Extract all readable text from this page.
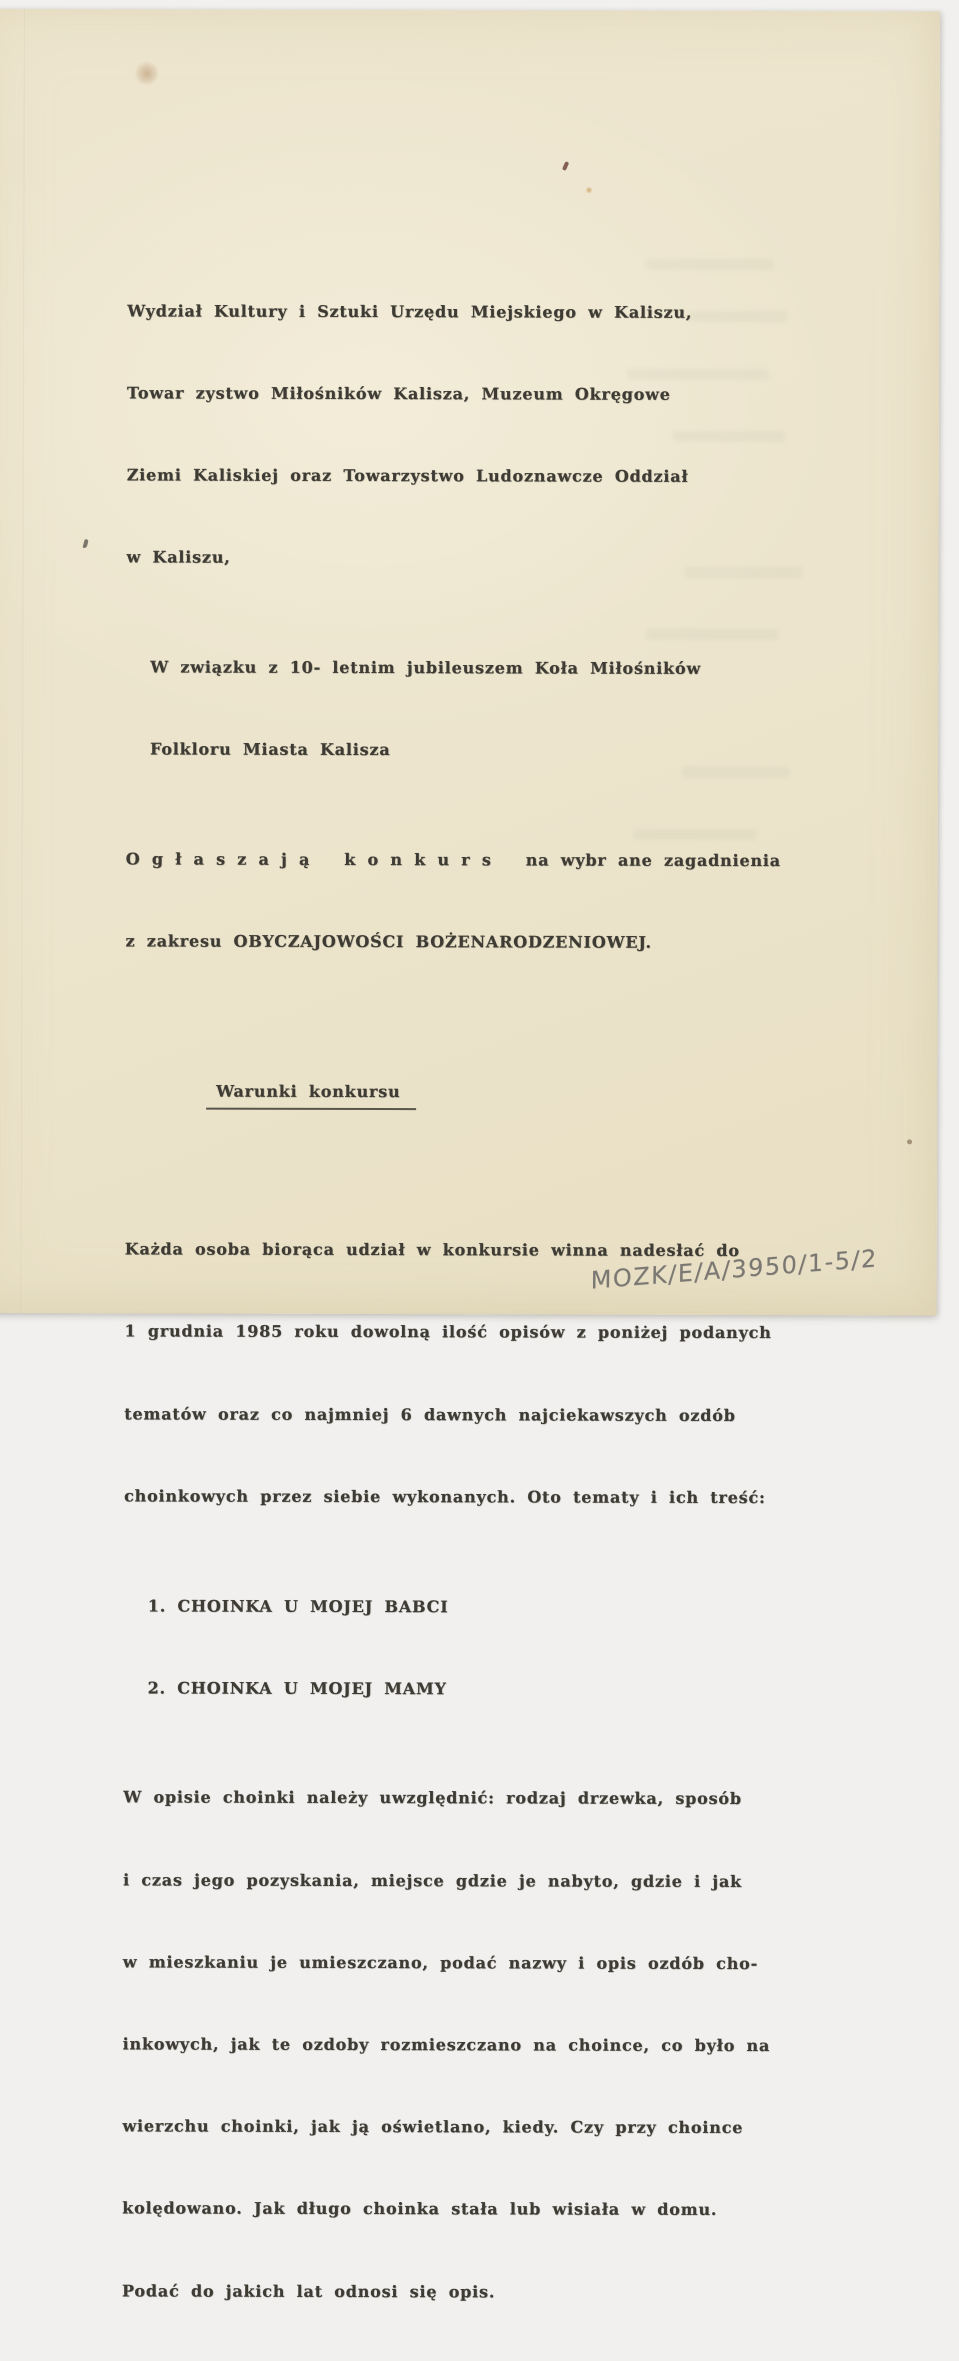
Wydział Kultury i Sztuki Urzędu Miejskiego w Kaliszu,

Towar zystwo Miłośników Kalisza, Muzeum Okręgowe

Ziemi Kaliskiej oraz Towarzystwo Ludoznawcze Oddział

w Kaliszu,

W związku z 10- letnim jubileuszem Koła Miłośników

Folkloru Miasta Kalisza

O g ł a s z a j ą   k o n k u r s   na wybr ane zagadnienia

z zakresu OBYCZAJOWOŚCI BOŻENARODZENIOWEJ.

Warunki konkursu

Każda osoba biorąca udział w konkursie winna nadesłać do

1 grudnia 1985 roku dowolną ilość opisów z poniżej podanych

tematów oraz co najmniej 6 dawnych najciekawszych ozdób

choinkowych przez siebie wykonanych. Oto tematy i ich treść:

1. CHOINKA U MOJEJ BABCI

2. CHOINKA U MOJEJ MAMY

W opisie choinki należy uwzględnić: rodzaj drzewka, sposób

i czas jego pozyskania, miejsce gdzie je nabyto, gdzie i jak

w mieszkaniu je umieszczano, podać nazwy i opis ozdób cho-

inkowych, jak te ozdoby rozmieszczano na choince, co było na

wierzchu choinki, jak ją oświetlano, kiedy. Czy przy choince

kolędowano. Jak długo choinka stała lub wisiała w domu.

Podać do jakich lat odnosi się opis.

MOZK/E/A/3950/1-5/2
